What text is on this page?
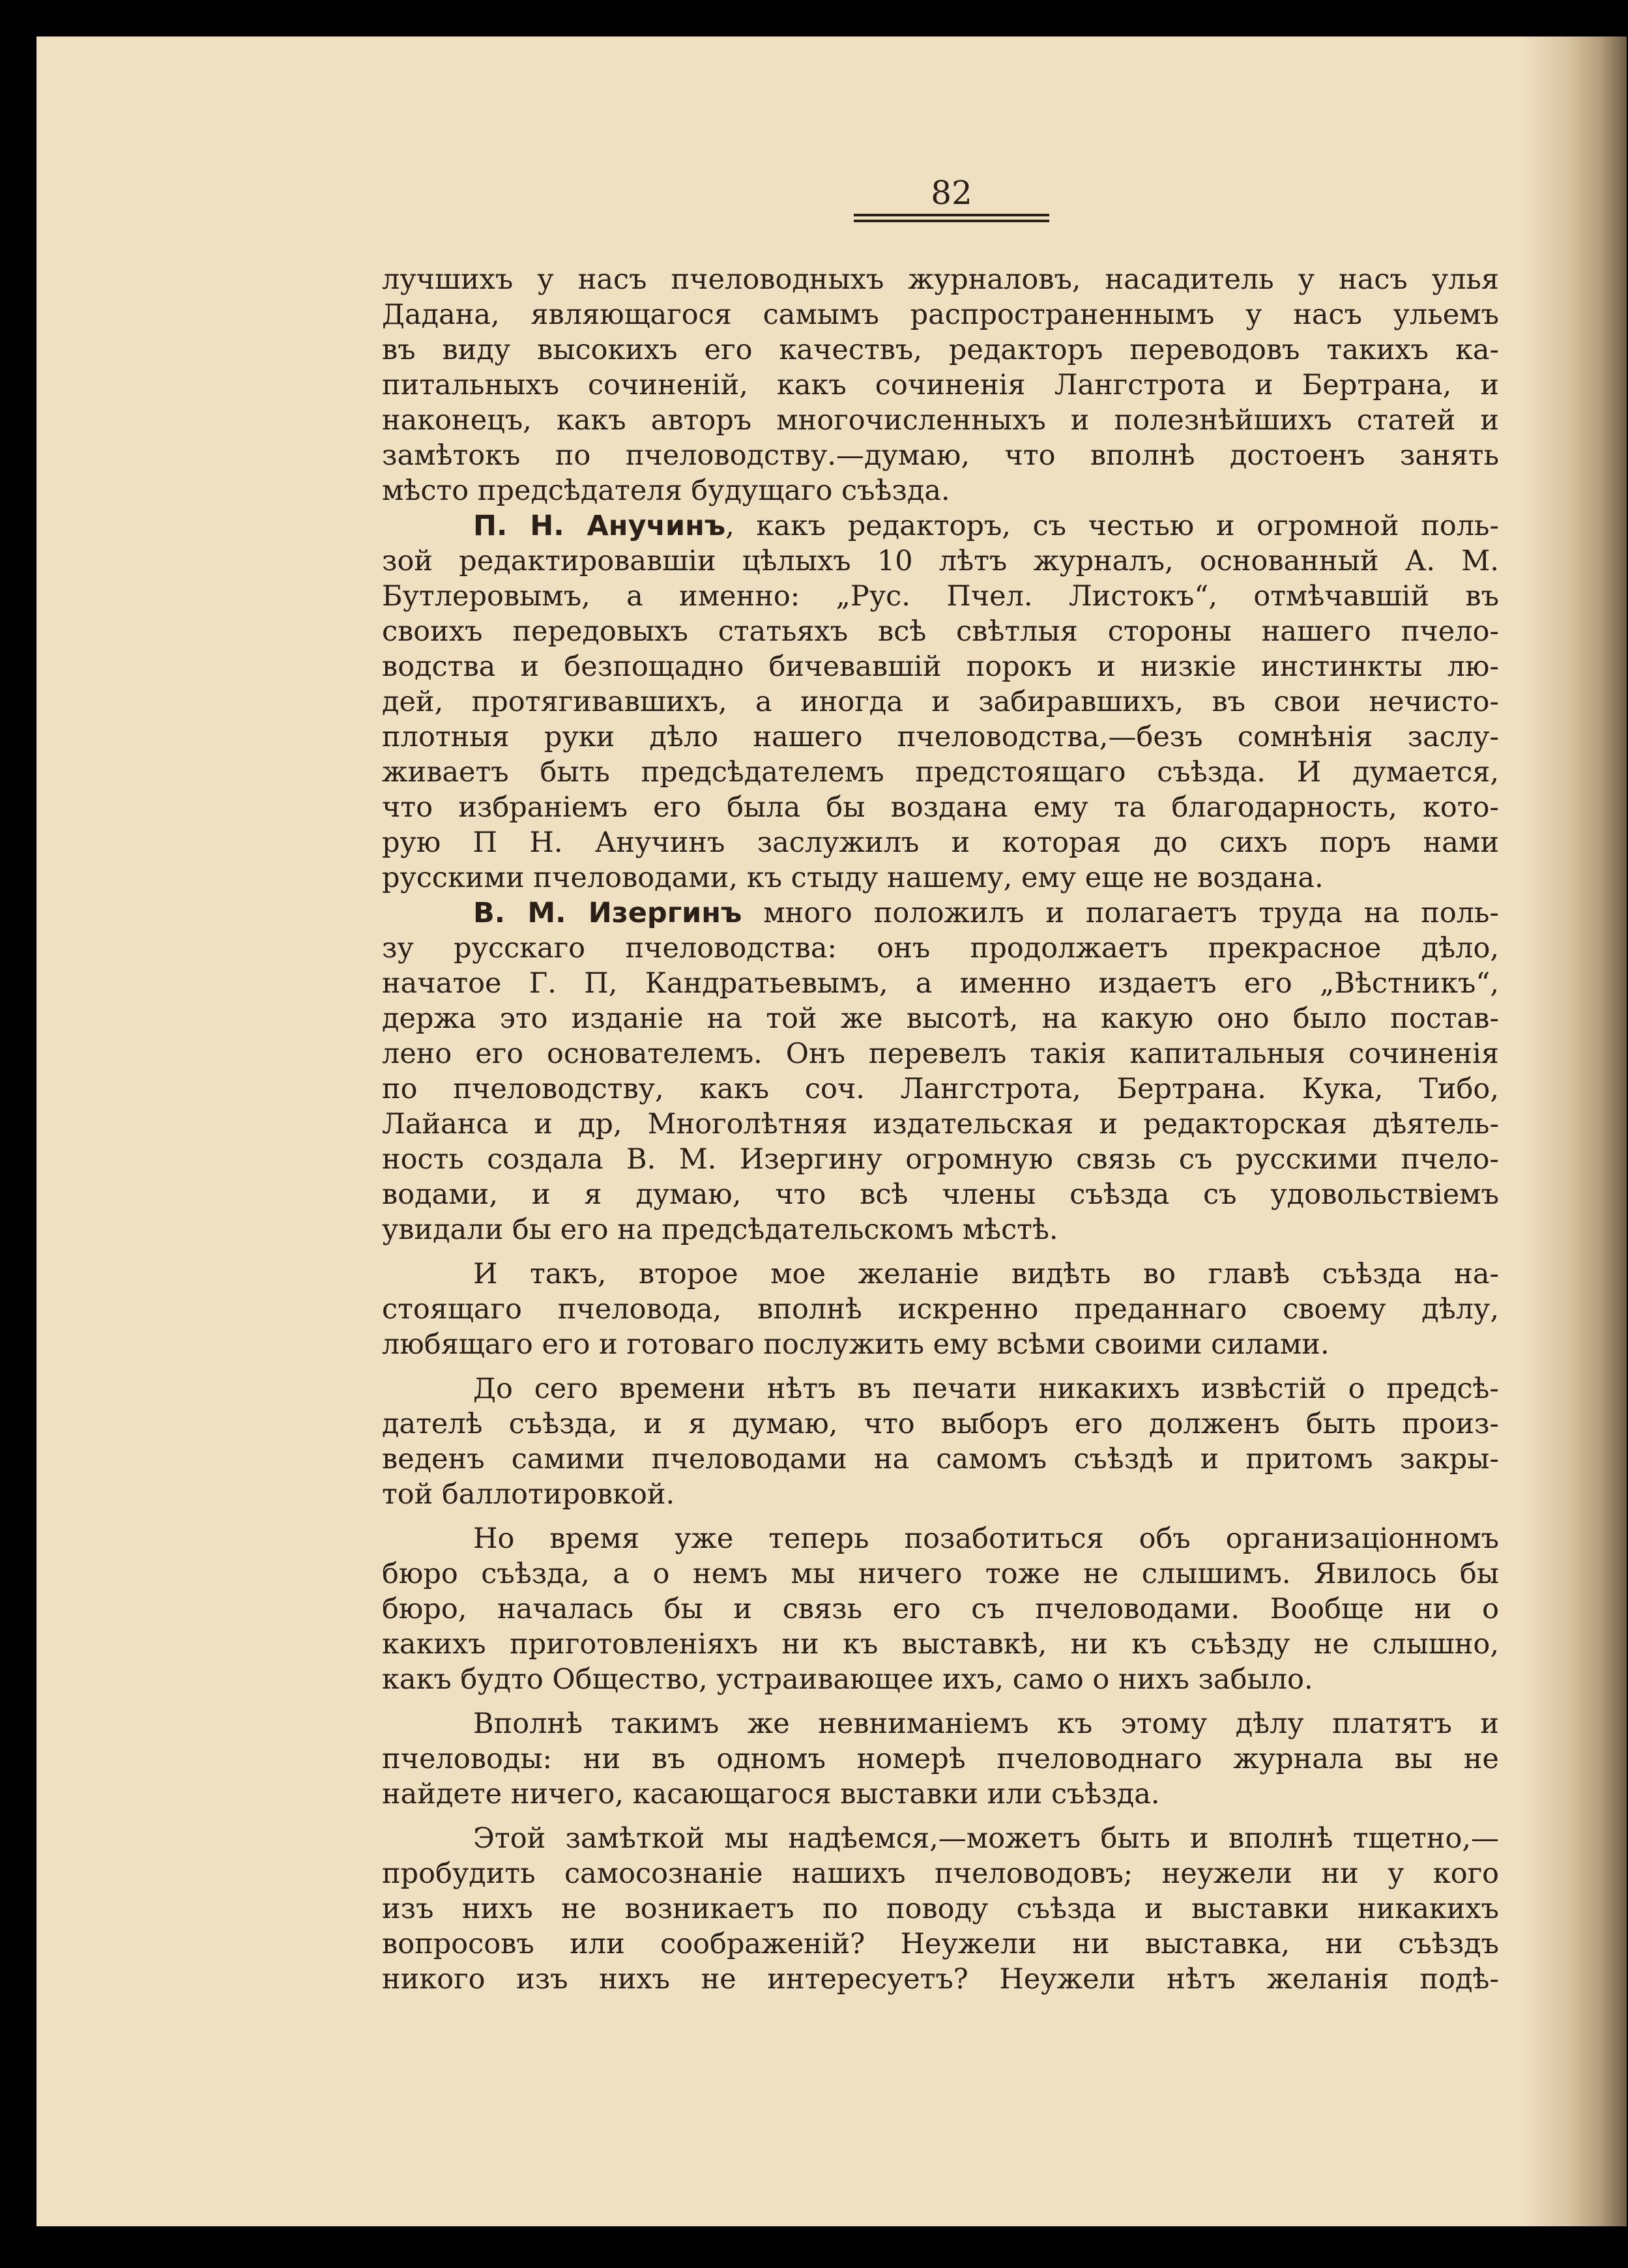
82
лучшихъ у насъ пчеловодныхъ журналовъ, насадитель у насъ улья
Дадана, являющагося самымъ распространеннымъ у насъ ульемъ
въ виду высокихъ его качествъ, редакторъ переводовъ такихъ ка-
питальныхъ сочиненій, какъ сочиненія Лангстрота и Бертрана, и
наконецъ, какъ авторъ многочисленныхъ и полезнѣйшихъ статей и
замѣтокъ по пчеловодству.—думаю, что вполнѣ достоенъ занять
мѣсто предсѣдателя будущаго съѣзда.
П. Н. Анучинъ, какъ редакторъ, съ честью и огромной поль-
зой редактировавшіи цѣлыхъ 10 лѣтъ журналъ, основанный А. М.
Бутлеровымъ, а именно: „Рус. Пчел. Листокъ“, отмѣчавшій въ
своихъ передовыхъ статьяхъ всѣ свѣтлыя стороны нашего пчело-
водства и безпощадно бичевавшій порокъ и низкіе инстинкты лю-
дей, протягивавшихъ, а иногда и забиравшихъ, въ свои нечисто-
плотныя руки дѣло нашего пчеловодства,—безъ сомнѣнія заслу-
живаетъ быть предсѣдателемъ предстоящаго съѣзда. И думается,
что избраніемъ его была бы воздана ему та благодарность, кото-
рую П Н. Анучинъ заслужилъ и которая до сихъ поръ нами
русскими пчеловодами, къ стыду нашему, ему еще не воздана.
В. М. Изергинъ много положилъ и полагаетъ труда на поль-
зу русскаго пчеловодства: онъ продолжаетъ прекрасное дѣло,
начатое Г. П, Кандратьевымъ, а именно издаетъ его „Вѣстникъ“,
держа это изданіе на той же высотѣ, на какую оно было постав-
лено его основателемъ. Онъ перевелъ такія капитальныя сочиненія
по пчеловодству, какъ соч. Лангстрота, Бертрана. Кука, Тибо,
Лайанса и др, Многолѣтняя издательская и редакторская дѣятель-
ность создала В. М. Изергину огромную связь съ русскими пчело-
водами, и я думаю, что всѣ члены съѣзда съ удовольствіемъ
увидали бы его на предсѣдательскомъ мѣстѣ.
И такъ, второе мое желаніе видѣть во главѣ съѣзда на-
стоящаго пчеловода, вполнѣ искренно преданнаго своему дѣлу,
любящаго его и готоваго послужить ему всѣми своими силами.
До сего времени нѣтъ въ печати никакихъ извѣстій о предсѣ-
дателѣ съѣзда, и я думаю, что выборъ его долженъ быть произ-
веденъ самими пчеловодами на самомъ съѣздѣ и притомъ закры-
той баллотировкой.
Но время уже теперь позаботиться объ организаціонномъ
бюро съѣзда, а о немъ мы ничего тоже не слышимъ. Явилось бы
бюро, началась бы и связь его съ пчеловодами. Вообще ни о
какихъ приготовленіяхъ ни къ выставкѣ, ни къ съѣзду не слышно,
какъ будто Общество, устраивающее ихъ, само о нихъ забыло.
Вполнѣ такимъ же невниманіемъ къ этому дѣлу платятъ и
пчеловоды: ни въ одномъ номерѣ пчеловоднаго журнала вы не
найдете ничего, касающагося выставки или съѣзда.
Этой замѣткой мы надѣемся,—можетъ быть и вполнѣ тщетно,—
пробудить самосознаніе нашихъ пчеловодовъ; неужели ни у кого
изъ нихъ не возникаетъ по поводу съѣзда и выставки никакихъ
вопросовъ или соображеній? Неужели ни выставка, ни съѣздъ
никого изъ нихъ не интересуетъ? Неужели нѣтъ желанія подѣ-
